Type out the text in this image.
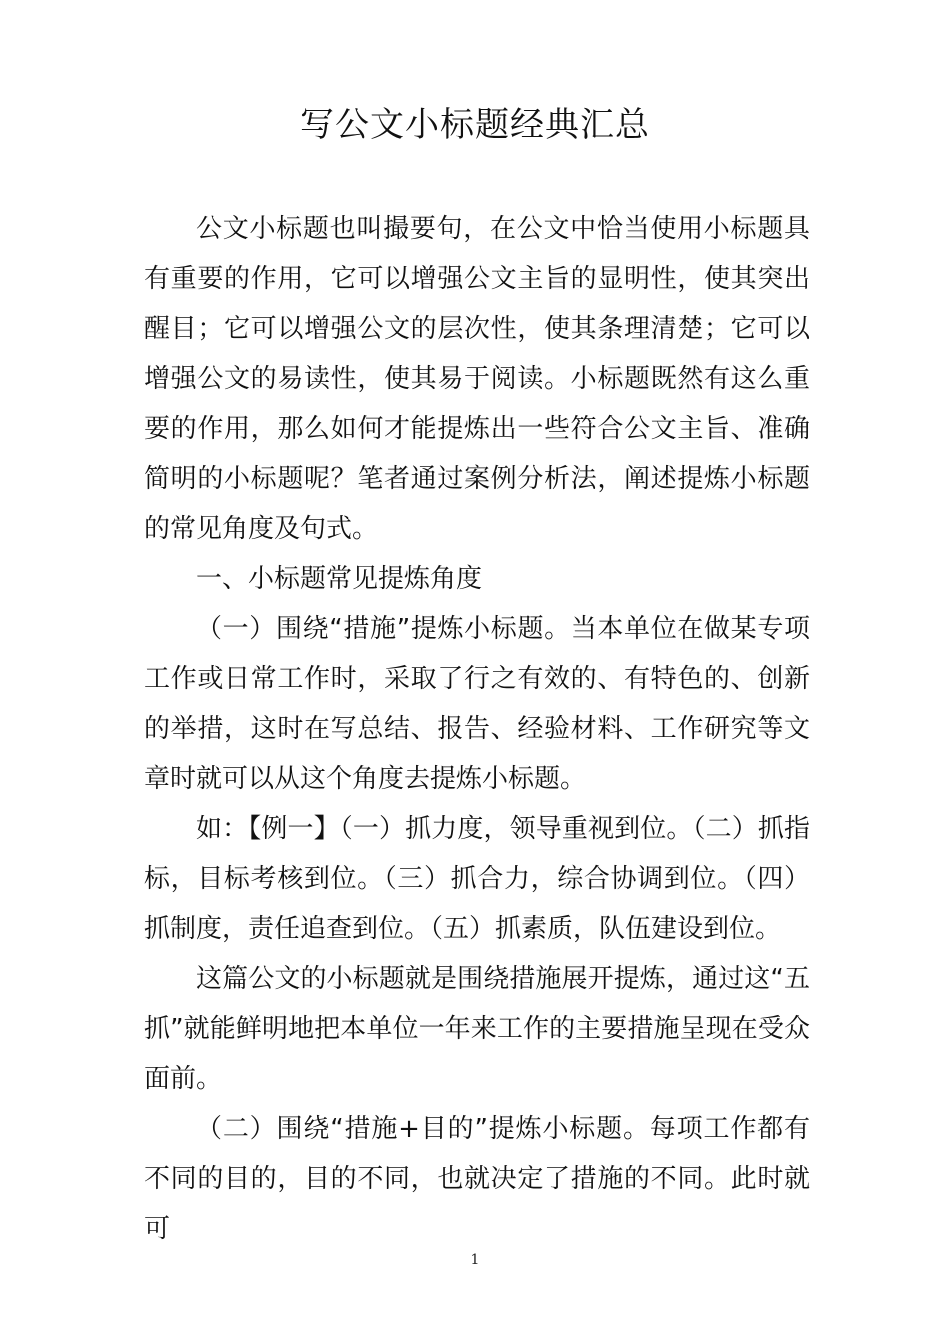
写公文小标题经典汇总

公文小标题也叫撮要句，在公文中恰当使用小标题具有重要的作用，它可以增强公文主旨的显明性，使其突出醒目；它可以增强公文的层次性，使其条理清楚；它可以增强公文的易读性，使其易于阅读。小标题既然有这么重要的作用，那么如何才能提炼出一些符合公文主旨、准确简明的小标题呢？笔者通过案例分析法，阐述提炼小标题的常见角度及句式。

一、小标题常见提炼角度

（一）围绕“措施”提炼小标题。当本单位在做某专项工作或日常工作时，采取了行之有效的、有特色的、创新的举措，这时在写总结、报告、经验材料、工作研究等文章时就可以从这个角度去提炼小标题。

如：【例一】（一）抓力度，领导重视到位。（二）抓指标，目标考核到位。（三）抓合力，综合协调到位。（四）抓制度，责任追查到位。（五）抓素质，队伍建设到位。

这篇公文的小标题就是围绕措施展开提炼，通过这“五抓”就能鲜明地把本单位一年来工作的主要措施呈现在受众面前。

（二）围绕“措施+目的”提炼小标题。每项工作都有不同的目的，目的不同，也就决定了措施的不同。此时就可

1
